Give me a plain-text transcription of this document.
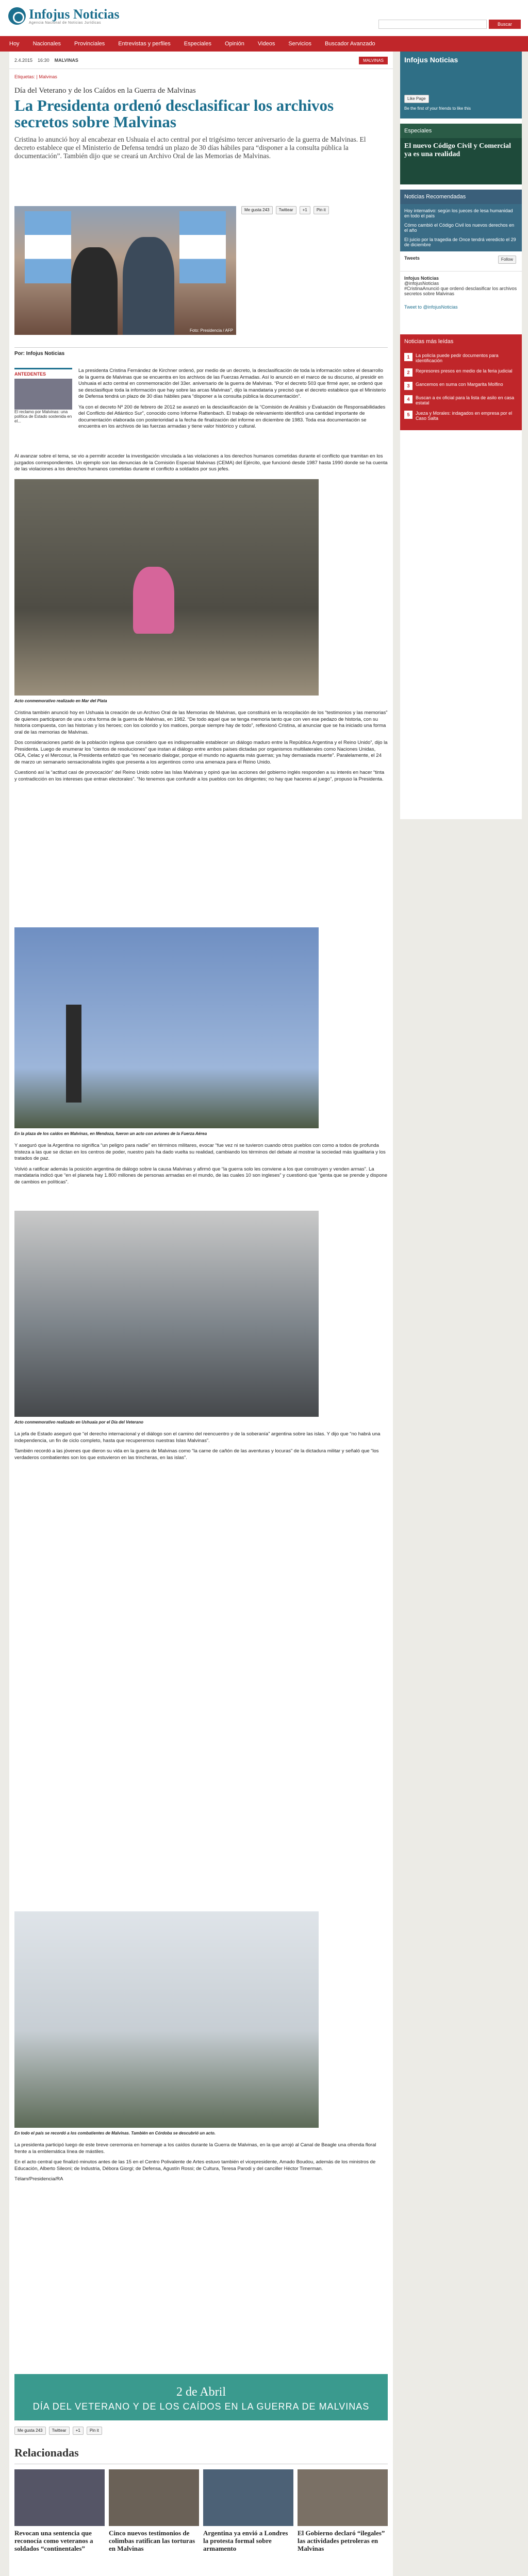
Infojus Noticias
Agencia Nacional de Noticias Jurídicas	Buscar
Hoy Nacionales Provinciales Entrevistas y perfiles Especiales Opinión Videos Servicios Buscador Avanzado
2.4.2015 16:30 MALVINAS	MALVINAS
Etiquetas: | Malvinas
Día del Veterano y de los Caídos en la Guerra de Malvinas
La Presidenta ordenó desclasificar los archivos secretos sobre Malvinas
Cristina lo anunció hoy al encabezar en Ushuaia el acto central por el trigésimo tercer aniversario de la guerra de Malvinas. El decreto establece que el Ministerio de Defensa tendrá un plazo de 30 días hábiles para “disponer a la consulta pública la documentación”. También dijo que se creará un Archivo Oral de las Memorias de Malvinas.
Foto: Presidencia / AFP
Me gusta 243 Twittear +1 Pin it
Por: Infojus Noticias
ANTEDENTES

El reclamo por Malvinas: una política de Estado sostenida en el...

La presidenta Cristina Fernández de Kirchner ordenó, por medio de un decreto, la desclasificación de toda la información sobre el desarrollo de la guerra de Malvinas que se encuentra en los archivos de las Fuerzas Armadas. Así lo anunció en el marco de su discurso, al presidir en Ushuaia el acto central en conmemoración del 33er. aniversario de la guerra de Malvinas. “Por el decreto 503 que firmé ayer, se ordenó que se desclasifique toda la información que hay sobre las arcas Malvinas”, dijo la mandataria y precisó que el decreto establece que el Ministerio de Defensa tendrá un plazo de 30 días hábiles para “disponer a la consulta pública la documentación”.

Ya con el decreto Nº 200 de febrero de 2012 se avanzó en la desclasificación de la “Comisión de Análisis y Evaluación de Responsabilidades del Conflicto del Atlántico Sur”, conocido como Informe Rattenbach. El trabajo de relevamiento identificó una cantidad importante de documentación elaborada con posterioridad a la fecha de finalización del informe en diciembre de 1983. Toda esa documentación se encuentra en los archivos de las fuerzas armadas y tiene valor histórico y cultural.

Al avanzar sobre el tema, se vio a permitir acceder la investigación vinculada a las violaciones a los derechos humanos cometidas durante el conflicto que tramitan en los juzgados correspondientes. Un ejemplo son las denuncias de la Comisión Especial Malvinas (CEMA) del Ejército, que funcionó desde 1987 hasta 1990 donde se ha cuenta de las violaciones a los derechos humanos cometidas durante el conflicto a soldados por sus jefes.

Acto conmemorativo realizado en Mar del Plata

Cristina también anunció hoy en Ushuaia la creación de un Archivo Oral de las Memorias de Malvinas, que constituirá en la recopilación de los “testimonios y las memorias” de quienes participaron de una u otra forma de la guerra de Malvinas, en 1982. “De todo aquel que se tenga memoria tanto que con ven ese pedazo de historia, con su historia compuesta, con las historias y los heroes; con los colorido y los matices, porque siempre hay de todo”, reflexionó Cristina, al anunciar que se ha iniciado una forma oral de las memorias de Malvinas.

Dos consideraciones partió de la población inglesa que considero que es indispensable establecer un diálogo maduro entre la República Argentina y el Reino Unido”, dijo la Presidenta. Luego de enumerar los “cientos de resoluciones” que instan al diálogo entre ambos países dictadas por organismos multilaterales como Naciones Unidas, OEA, Celac y el Mercosur, la Presidenta enfatizó que “es necesario dialogar, porque el mundo no aguanta más guerras; ya hay demasiada muerte”. Paralelamente, el 24 de marzo un semanario sensacionalista inglés que presenta a los argentinos como una amenaza para el Reino Unido.

Cuestionó así la “actitud casi de provocación” del Reino Unido sobre las Islas Malvinas y opinó que las acciones del gobierno inglés responden a su interés en hacer “tinta y contradicción en los intereses que entran electorales”. “No tenemos que confundir a los pueblos con los dirigentes; no hay que haceres al juego”, propuso la Presidenta.

En la plaza de los caídos en Malvinas, en Mendoza, fueron un acto con aviones de la Fuerza Aérea

Y aseguró que la Argentina no significa “un peligro para nadie” en términos militares, evocar “fue vez ni se tuvieron cuando otros pueblos con como a todos de profunda tristeza a las que se dictan en los centros de poder, nuestro país ha dado vuelta su realidad, cambiando los términos del debate al mostrar la sociedad más igualitaria y los tratados de paz.

Volvió a ratificar además la posición argentina de diálogo sobre la causa Malvinas y afirmó que “la guerra solo les conviene a los que construyen y venden armas”. La mandataria indicó que “en el planeta hay 1.800 millones de personas armadas en el mundo, de las cuales 10 son ingleses” y cuestionó que “genta que se prende y dispone de cambios en políticas”.

Acto conmemorativo realizado en Ushuaia por el Día del Veterano

La jefa de Estado aseguró que “el derecho internacional y el diálogo son el camino del reencuentro y de la soberanía” argentina sobre las islas. Y dijo que “no habrá una independencia, un fin de ciclo completo, hasta que recuperemos nuestras Islas Malvinas”.

También recordó a las jóvenes que dieron su vida en la guerra de Malvinas como “la carne de cañón de las aventuras y locuras” de la dictadura militar y señaló que “los verdaderos combatientes son los que estuvieron en las trincheras, en las islas”.

En todo el país se recordó a los combatientes de Malvinas. También en Córdoba se descubrió un acto.

La presidenta participó luego de este breve ceremonia en homenaje a los caídos durante la Guerra de Malvinas, en la que arrojó al Canal de Beagle una ofrenda floral frente a la emblemática línea de mástiles.

En el acto central que finalizó minutos antes de las 15 en el Centro Polivalente de Artes estuvo también el vicepresidente, Amado Boudou, además de los ministros de Educación, Alberto Sileoni; de Industria, Débora Giorgi; de Defensa, Agustín Rossi; de Cultura, Teresa Parodi y del canciller Héctor Timerman.

Télam/Presidencia/RA

2 de Abril
DÍA DEL VETERANO Y DE LOS CAÍDOS EN LA GUERRA DE MALVINAS
Me gusta 243 Twittear +1 Pin it
Relacionadas
Revocan una sentencia que reconocía como veteranos a soldados “continentales”
Cinco nuevos testimonios de colimbas ratifican las torturas en Malvinas
Argentina ya envió a Londres la protesta formal sobre armamento
El Gobierno declaró “ilegales” las actividades petroleras en Malvinas
Infojus Noticias
Like Page
Be the first of your friends to like this
Especiales
El nuevo Código Civil y Comercial ya es una realidad
Noticias Recomendadas

Hoy internativo: según los jueces de lesa humanidad en todo el país

Cómo cambió el Código Civil los nuevos derechos en el año

El juicio por la tragedia de Once tendrá veredicto el 29 de diciembre

Tweets	Follow
Infojus Noticias
@infojusNoticias

#CristinaAnunció que ordenó desclasificar los archivos secretos sobre Malvinas

Tweet to @infojusNoticias
Noticias más leídas
1	La policía puede pedir documentos para identificación
2	Represores presos en medio de la feria judicial
3	Gancemos en suma con Margarita Molfino
4	Buscan a ex oficial para la lista de asilo en casa estatal
5	Jueza y Morales: indagados en empresa por el Caso Salta
